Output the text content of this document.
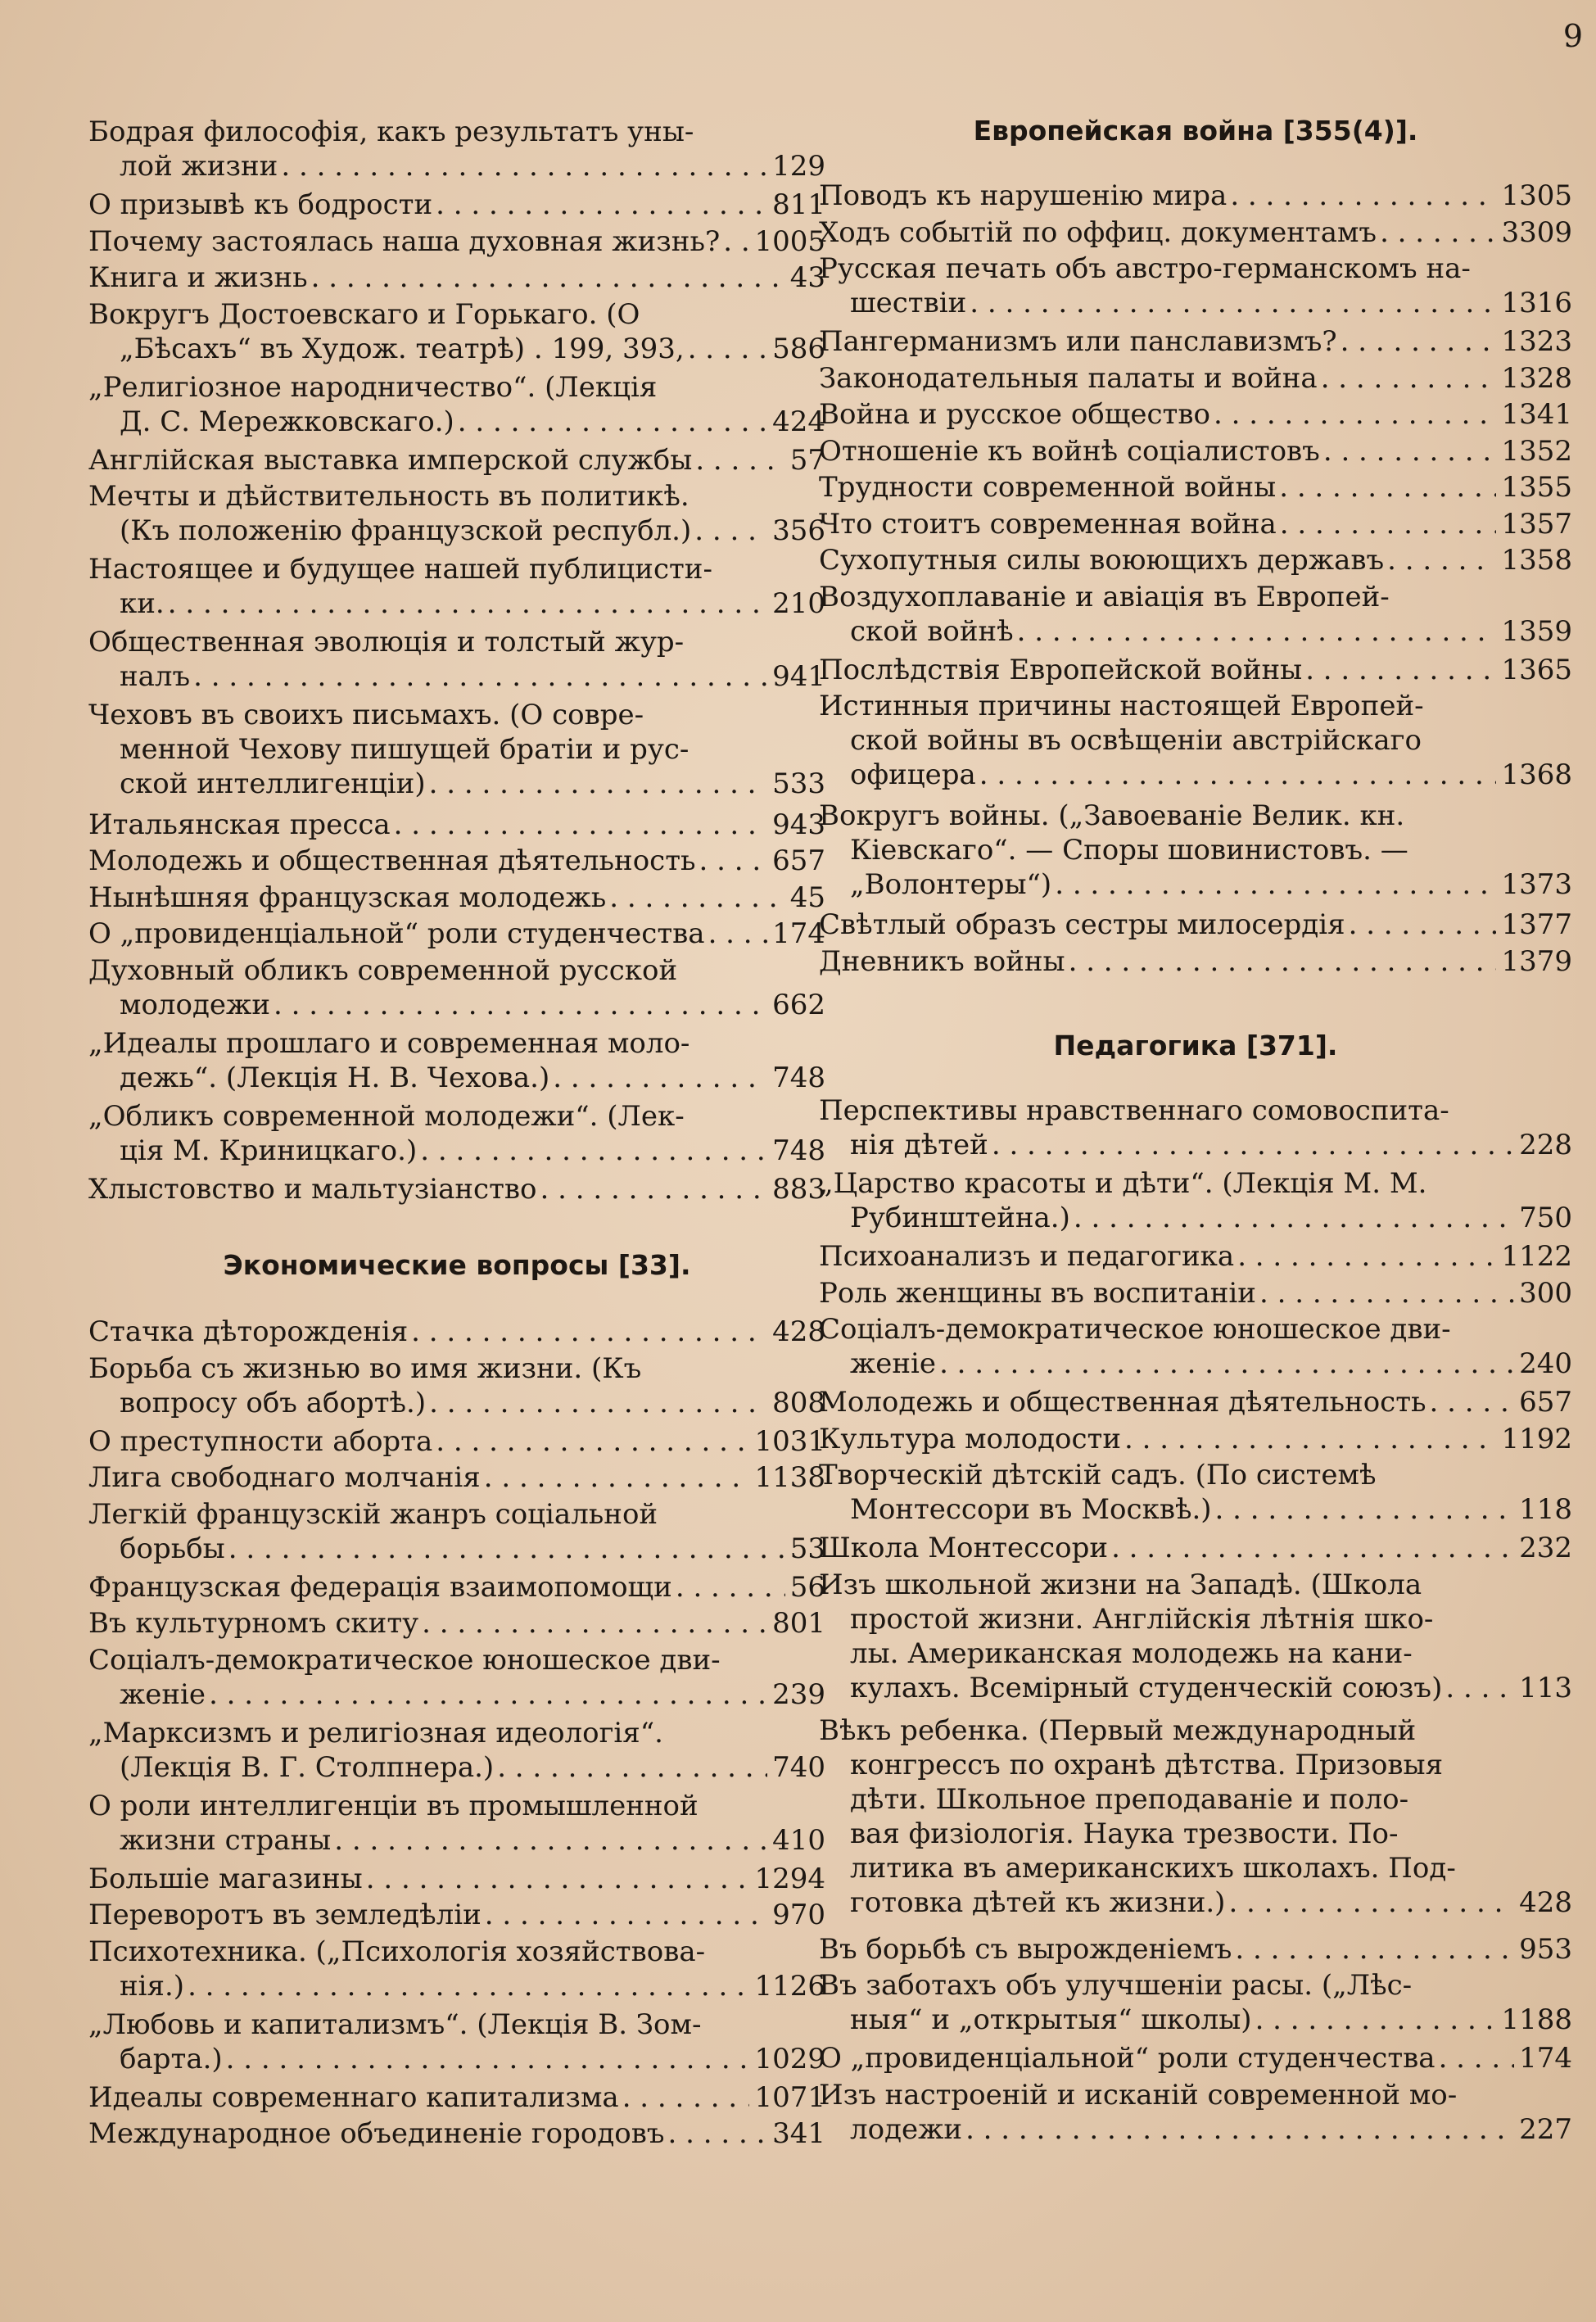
9
Бодрая философія, какъ результатъ уны-
лой жизни . . .	129
О призывѣ къ бодрости . . .	811
Почему застоялась наша духовная жизнь? . . . 1005
Книга и жизнь . . .	43
Вокругъ Достоевскаго и Горькаго. (О
„Бѣсахъ“ въ Худож. театрѣ) . 199, 393, . . .	586
„Религіозное народничество“. (Лекція
Д. С. Мережковскаго.) . . .	424
Англійская выставка имперской службы . . .	57
Мечты и дѣйствительность въ политикѣ.
(Къ положенію французской республ.) . . .	356
Настоящее и будущее нашей публицисти-
ки. . . .	210
Общественная эволюція и толстый жур-
налъ . . .	941
Чеховъ въ своихъ письмахъ. (О совре-
менной Чехову пишущей братіи и рус-
ской интеллигенціи) . . .	533
Итальянская пресса . . .	943
Молодежь и общественная дѣятельность . . .	657
Нынѣшняя французская молодежь . . .	45
О „провиденціальной“ роли студенчества . . . 174
Духовный обликъ современной русской
молодежи . . .	662
„Идеалы прошлаго и современная моло-
дежь“. (Лекція Н. В. Чехова.) . . .	748
„Обликъ современной молодежи“. (Лек-
ція М. Криницкаго.) . . .	748
Хлыстовство и мальтузіанство . . .	883
Экономические вопросы [33].
Стачка дѣторожденія . . .	428
Борьба съ жизнью во имя жизни. (Къ
вопросу объ абортѣ.) . . .	808
О преступности аборта . . .	1031
Лига свободнаго молчанія . . .	1138
Легкій французскій жанръ соціальной
борьбы . . .	53
Французская федерація взаимопомощи . . .	56
Въ культурномъ скиту . . .	801
Соціалъ-демократическое юношеское дви-
женіе . . .	239
„Марксизмъ и религіозная идеологія“.
(Лекція В. Г. Столпнера.) . . .	740
О роли интеллигенціи въ промышленной
жизни страны . . .	410
Большіе магазины . . .	1294
Переворотъ въ земледѣліи . . .	970
Психотехника. („Психологія хозяйствова-
нія.) . . .	1126
„Любовь и капитализмъ“. (Лекція В. Зом-
барта.) . . .	1029
Идеалы современнаго капитализма . . .	1071
Международное объединеніе городовъ . . .	341
Европейская война [355(4)].
Поводъ къ нарушенію мира . . .	1305
Ходъ событій по оффиц. документамъ . . .	3309
Русская печать объ австро-германскомъ на-
шествіи . . .	1316
Пангерманизмъ или панславизмъ? . . .	1323
Законодательныя палаты и война . . .	1328
Война и русское общество . . .	1341
Отношеніе къ войнѣ соціалистовъ . . .	1352
Трудности современной войны . . .	1355
Что стоитъ современная война . . .	1357
Сухопутныя силы воюющихъ державъ . . .	1358
Воздухоплаваніе и авіація въ Европей-
ской войнѣ . . .	1359
Послѣдствія Европейской войны . . .	1365
Истинныя причины настоящей Европей-
ской войны въ освѣщеніи австрійскаго
офицера . . .	1368
Вокругъ войны. („Завоеваніе Велик. кн.
Кіевскаго“. — Споры шовинистовъ. —
„Волонтеры“) . . .	1373
Свѣтлый образъ сестры милосердія . . .	1377
Дневникъ войны . . .	1379
Педагогика [371].
Перспективы нравственнаго сомовоспита-
нія дѣтей . . .	228
„Царство красоты и дѣти“. (Лекція М. М.
Рубинштейна.) . . .	750
Психоанализъ и педагогика . . .	1122
Роль женщины въ воспитаніи . . .	300
Соціалъ-демократическое юношеское дви-
женіе . . .	240
Молодежь и общественная дѣятельность . . .	657
Культура молодости . . .	1192
Творческій дѣтскій садъ. (По системѣ
Монтессори въ Москвѣ.) . . .	118
Школа Монтессори . . .	232
Изъ школьной жизни на Западѣ. (Школа
простой жизни. Англійскія лѣтнія шко-
лы. Американская молодежь на кани-
кулахъ. Всемірный студенческій союзъ) . . .	113
Вѣкъ ребенка. (Первый международный
конгрессъ по охранѣ дѣтства. Призовыя
дѣти. Школьное преподаваніе и поло-
вая физіологія. Наука трезвости. По-
литика въ американскихъ школахъ. Под-
готовка дѣтей къ жизни.) . . .	428
Въ борьбѣ съ вырожденіемъ . . .	953
Въ заботахъ объ улучшеніи расы. („Лѣс-
ныя“ и „открытыя“ школы) . . .	1188
О „провиденціальной“ роли студенчества . . .	174
Изъ настроеній и исканій современной мо-
лодежи . . .	227
